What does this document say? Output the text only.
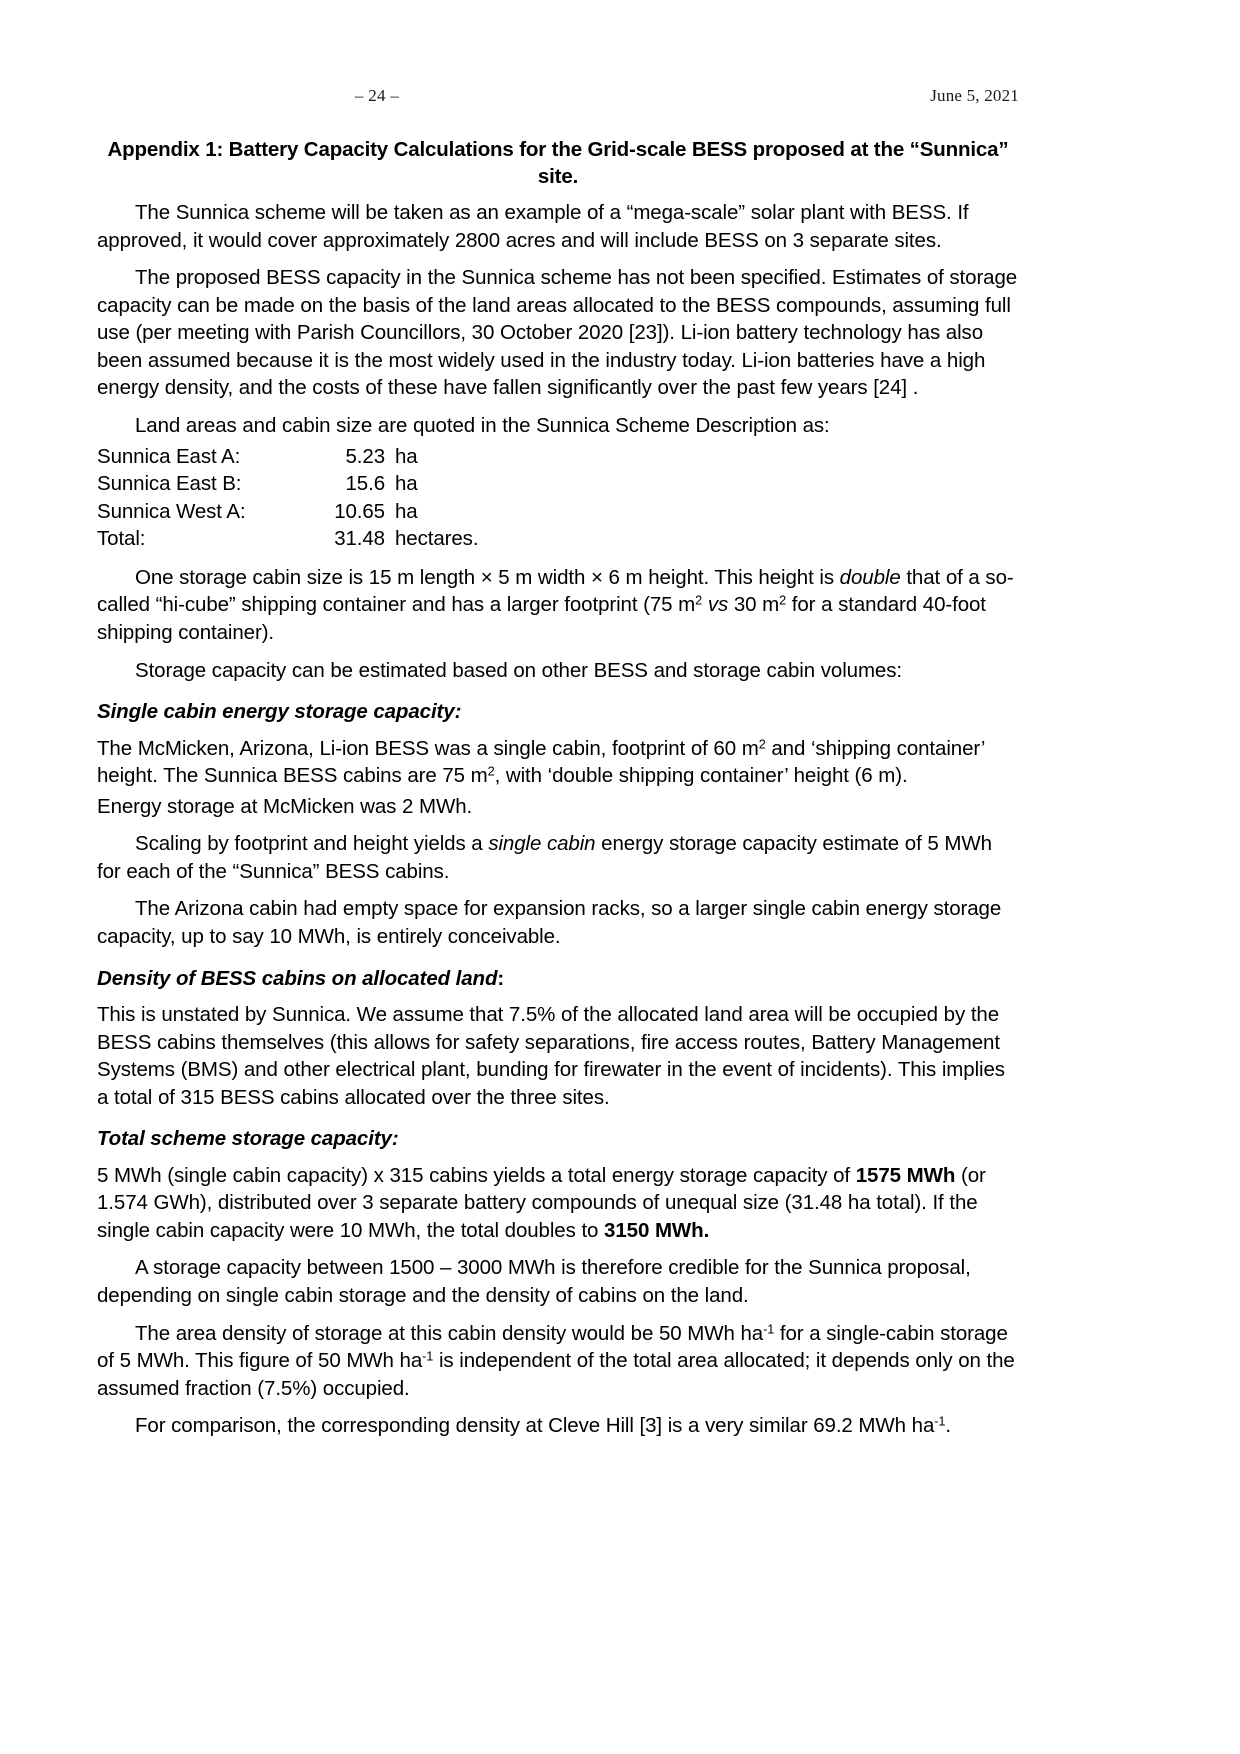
– 24 –	June 5, 2021
Appendix 1: Battery Capacity Calculations for the Grid-scale BESS proposed at the “Sunnica” site.

The Sunnica scheme will be taken as an example of a “mega-scale” solar plant with BESS. If approved, it would cover approximately 2800 acres and will include BESS on 3 separate sites.

The proposed BESS capacity in the Sunnica scheme has not been specified. Estimates of storage capacity can be made on the basis of the land areas allocated to the BESS compounds, assuming full use (per meeting with Parish Councillors, 30 October 2020 [23]). Li-ion battery technology has also been assumed because it is the most widely used in the industry today. Li-ion batteries have a high energy density, and the costs of these have fallen significantly over the past few years [24] .

Land areas and cabin size are quoted in the Sunnica Scheme Description as:

Sunnica East A:	5.23	ha
Sunnica East B:	15.6	ha
Sunnica West A:	10.65	ha
Total:	31.48	hectares.

One storage cabin size is 15 m length × 5 m width × 6 m height. This height is double that of a so-called “hi-cube” shipping container and has a larger footprint (75 $m^2$ vs 30 $m^2$ for a standard 40-foot shipping container).

Storage capacity can be estimated based on other BESS and storage cabin volumes:

Single cabin energy storage capacity:

The McMicken, Arizona, Li-ion BESS was a single cabin, footprint of 60 $m^2$ and ‘shipping container’ height. The Sunnica BESS cabins are 75 $m^2$, with ‘double shipping container’ height (6 m).

Energy storage at McMicken was 2 MWh.

Scaling by footprint and height yields a single cabin energy storage capacity estimate of 5 MWh for each of the “Sunnica” BESS cabins.

The Arizona cabin had empty space for expansion racks, so a larger single cabin energy storage capacity, up to say 10 MWh, is entirely conceivable.

Density of BESS cabins on allocated land:

This is unstated by Sunnica. We assume that 7.5% of the allocated land area will be occupied by the BESS cabins themselves (this allows for safety separations, fire access routes, Battery Management Systems (BMS) and other electrical plant, bunding for firewater in the event of incidents). This implies a total of 315 BESS cabins allocated over the three sites.

Total scheme storage capacity:

5 MWh (single cabin capacity) x 315 cabins yields a total energy storage capacity of 1575 MWh (or 1.574 GWh), distributed over 3 separate battery compounds of unequal size (31.48 ha total). If the single cabin capacity were 10 MWh, the total doubles to 3150 MWh.

A storage capacity between 1500 – 3000 MWh is therefore credible for the Sunnica proposal, depending on single cabin storage and the density of cabins on the land.

The area density of storage at this cabin density would be 50 MWh $ha^{-1}$ for a single-cabin storage of 5 MWh. This figure of 50 MWh $ha^{-1}$ is independent of the total area allocated; it depends only on the assumed fraction (7.5%) occupied.

For comparison, the corresponding density at Cleve Hill [3] is a very similar 69.2 MWh $ha^{-1}$.
